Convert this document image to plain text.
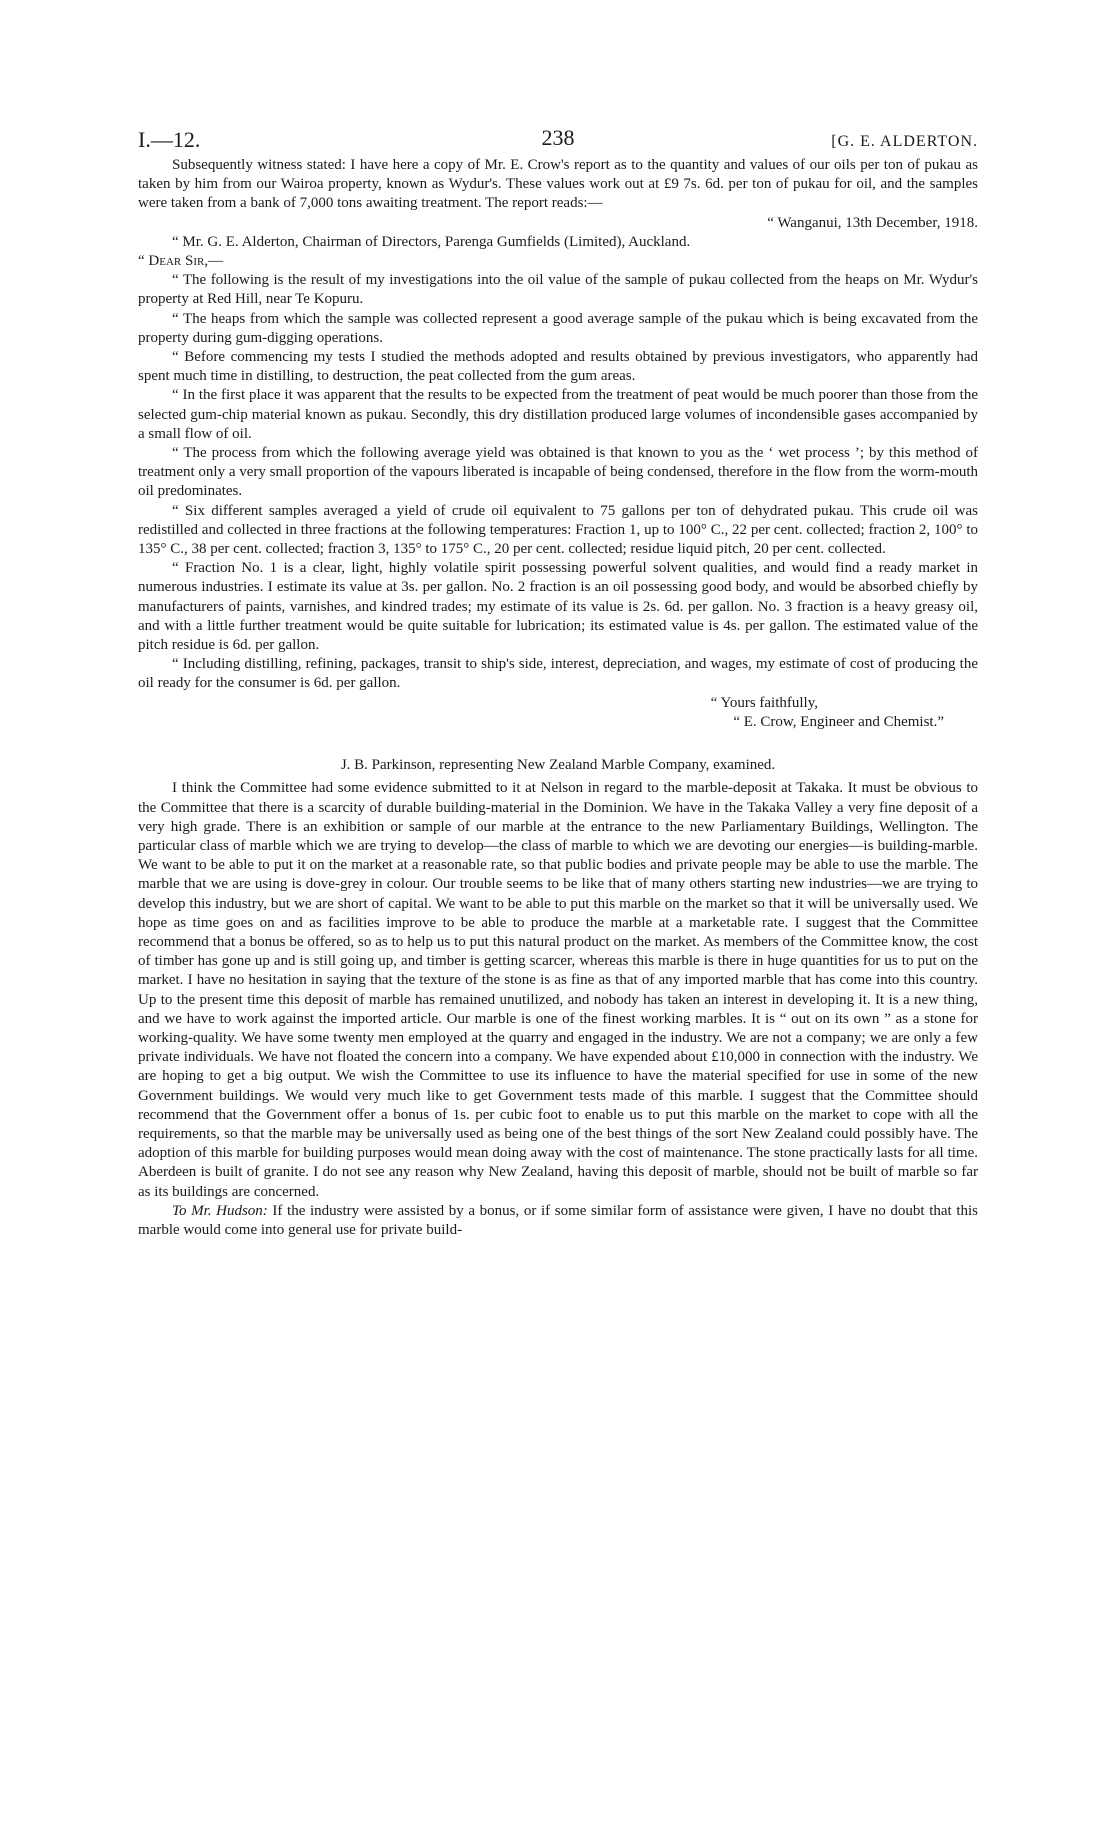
I.—12.	238	[G. E. ALDERTON.

Subsequently witness stated: I have here a copy of Mr. E. Crow's report as to the quantity and values of our oils per ton of pukau as taken by him from our Wairoa property, known as Wydur's. These values work out at £9 7s. 6d. per ton of pukau for oil, and the samples were taken from a bank of 7,000 tons awaiting treatment. The report reads:—

“ Wanganui, 13th December, 1918.

“ Mr. G. E. Alderton, Chairman of Directors, Parenga Gumfields (Limited), Auckland.

“ Dear Sir,—

“ The following is the result of my investigations into the oil value of the sample of pukau collected from the heaps on Mr. Wydur's property at Red Hill, near Te Kopuru.

“ The heaps from which the sample was collected represent a good average sample of the pukau which is being excavated from the property during gum-digging operations.

“ Before commencing my tests I studied the methods adopted and results obtained by previous investigators, who apparently had spent much time in distilling, to destruction, the peat collected from the gum areas.

“ In the first place it was apparent that the results to be expected from the treatment of peat would be much poorer than those from the selected gum-chip material known as pukau. Secondly, this dry distillation produced large volumes of incondensible gases accompanied by a small flow of oil.

“ The process from which the following average yield was obtained is that known to you as the ‘ wet process ’; by this method of treatment only a very small proportion of the vapours liberated is incapable of being condensed, therefore in the flow from the worm-mouth oil predominates.

“ Six different samples averaged a yield of crude oil equivalent to 75 gallons per ton of dehydrated pukau. This crude oil was redistilled and collected in three fractions at the following temperatures: Fraction 1, up to 100° C., 22 per cent. collected; fraction 2, 100° to 135° C., 38 per cent. collected; fraction 3, 135° to 175° C., 20 per cent. collected; residue liquid pitch, 20 per cent. collected.

“ Fraction No. 1 is a clear, light, highly volatile spirit possessing powerful solvent qualities, and would find a ready market in numerous industries. I estimate its value at 3s. per gallon. No. 2 fraction is an oil possessing good body, and would be absorbed chiefly by manufacturers of paints, varnishes, and kindred trades; my estimate of its value is 2s. 6d. per gallon. No. 3 fraction is a heavy greasy oil, and with a little further treatment would be quite suitable for lubrication; its estimated value is 4s. per gallon. The estimated value of the pitch residue is 6d. per gallon.

“ Including distilling, refining, packages, transit to ship's side, interest, depreciation, and wages, my estimate of cost of producing the oil ready for the consumer is 6d. per gallon.

“ Yours faithfully,

“ E. Crow, Engineer and Chemist.”

J. B. Parkinson, representing New Zealand Marble Company, examined.

I think the Committee had some evidence submitted to it at Nelson in regard to the marble-deposit at Takaka. It must be obvious to the Committee that there is a scarcity of durable building-material in the Dominion. We have in the Takaka Valley a very fine deposit of a very high grade. There is an exhibition or sample of our marble at the entrance to the new Parliamentary Buildings, Wellington. The particular class of marble which we are trying to develop—the class of marble to which we are devoting our energies—is building-marble. We want to be able to put it on the market at a reasonable rate, so that public bodies and private people may be able to use the marble. The marble that we are using is dove-grey in colour. Our trouble seems to be like that of many others starting new industries—we are trying to develop this industry, but we are short of capital. We want to be able to put this marble on the market so that it will be universally used. We hope as time goes on and as facilities improve to be able to produce the marble at a marketable rate. I suggest that the Committee recommend that a bonus be offered, so as to help us to put this natural product on the market. As members of the Committee know, the cost of timber has gone up and is still going up, and timber is getting scarcer, whereas this marble is there in huge quantities for us to put on the market. I have no hesitation in saying that the texture of the stone is as fine as that of any imported marble that has come into this country. Up to the present time this deposit of marble has remained unutilized, and nobody has taken an interest in developing it. It is a new thing, and we have to work against the imported article. Our marble is one of the finest working marbles. It is “ out on its own ” as a stone for working-quality. We have some twenty men employed at the quarry and engaged in the industry. We are not a company; we are only a few private individuals. We have not floated the concern into a company. We have expended about £10,000 in connection with the industry. We are hoping to get a big output. We wish the Committee to use its influence to have the material specified for use in some of the new Government buildings. We would very much like to get Government tests made of this marble. I suggest that the Committee should recommend that the Government offer a bonus of 1s. per cubic foot to enable us to put this marble on the market to cope with all the requirements, so that the marble may be universally used as being one of the best things of the sort New Zealand could possibly have. The adoption of this marble for building purposes would mean doing away with the cost of maintenance. The stone practically lasts for all time. Aberdeen is built of granite. I do not see any reason why New Zealand, having this deposit of marble, should not be built of marble so far as its buildings are concerned.

To Mr. Hudson: If the industry were assisted by a bonus, or if some similar form of assistance were given, I have no doubt that this marble would come into general use for private build-
